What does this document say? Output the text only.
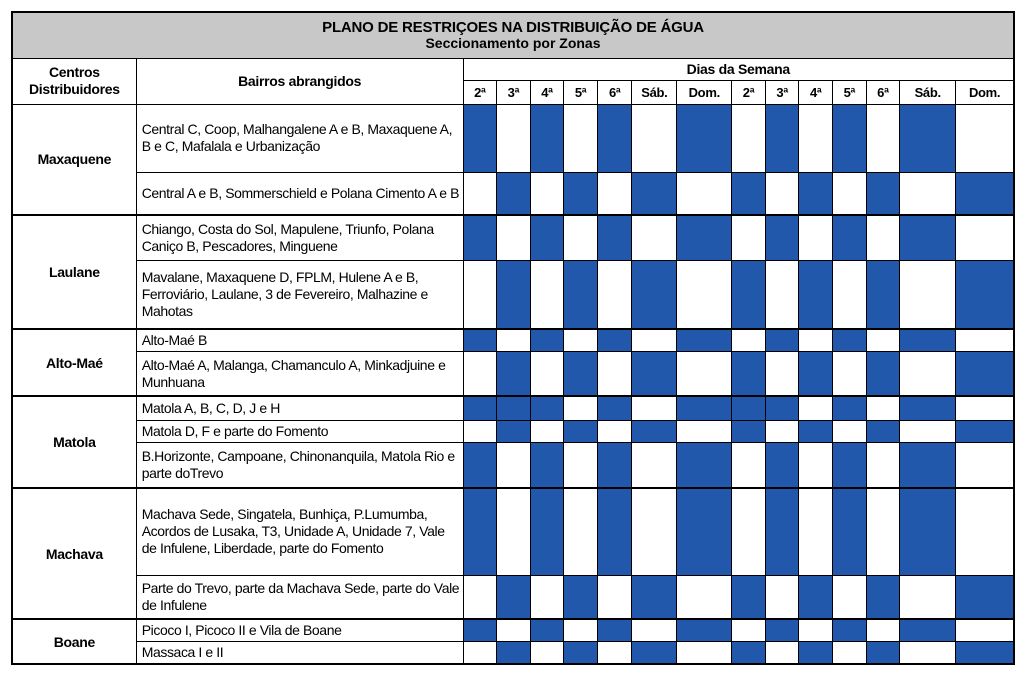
PLANO DE RESTRIÇOES NA DISTRIBUIÇÃO DE ÁGUA
Seccionamento por Zonas															

Centros Distribuidores	Bairros abrangidos	Dias da Semana													
		2ª	3ª	4ª	5ª	6ª	Sáb.	Dom.	2ª	3ª	4ª	5ª	6ª	Sáb.	Dom.
Maxaquene	Central C, Coop, Malhangalene A e B, Maxaquene A, B e C, Mafalala e Urbanização														
	Central A e B, Sommerschield e Polana Cimento A e B														
Laulane	Chiango, Costa do Sol, Mapulene, Triunfo, Polana Caniço B, Pescadores, Minguene														
	Mavalane, Maxaquene D, FPLM, Hulene A e B, Ferroviário, Laulane, 3 de Fevereiro, Malhazine e Mahotas														
Alto-Maé	Alto-Maé B														
	Alto-Maé A, Malanga, Chamanculo A, Minkadjuine e Munhuana														
Matola	Matola A, B, C, D, J e H														
	Matola D, F e parte do Fomento														
	B.Horizonte, Campoane, Chinonanquila, Matola Rio e parte doTrevo														
Machava	Machava Sede, Singatela, Bunhiça, P.Lumumba, Acordos de Lusaka, T3, Unidade A, Unidade 7, Vale de Infulene, Liberdade, parte do Fomento														
	Parte do Trevo, parte da Machava Sede, parte do Vale de Infulene														
Boane	Picoco I, Picoco II e Vila de Boane														
	Massaca I e II														
